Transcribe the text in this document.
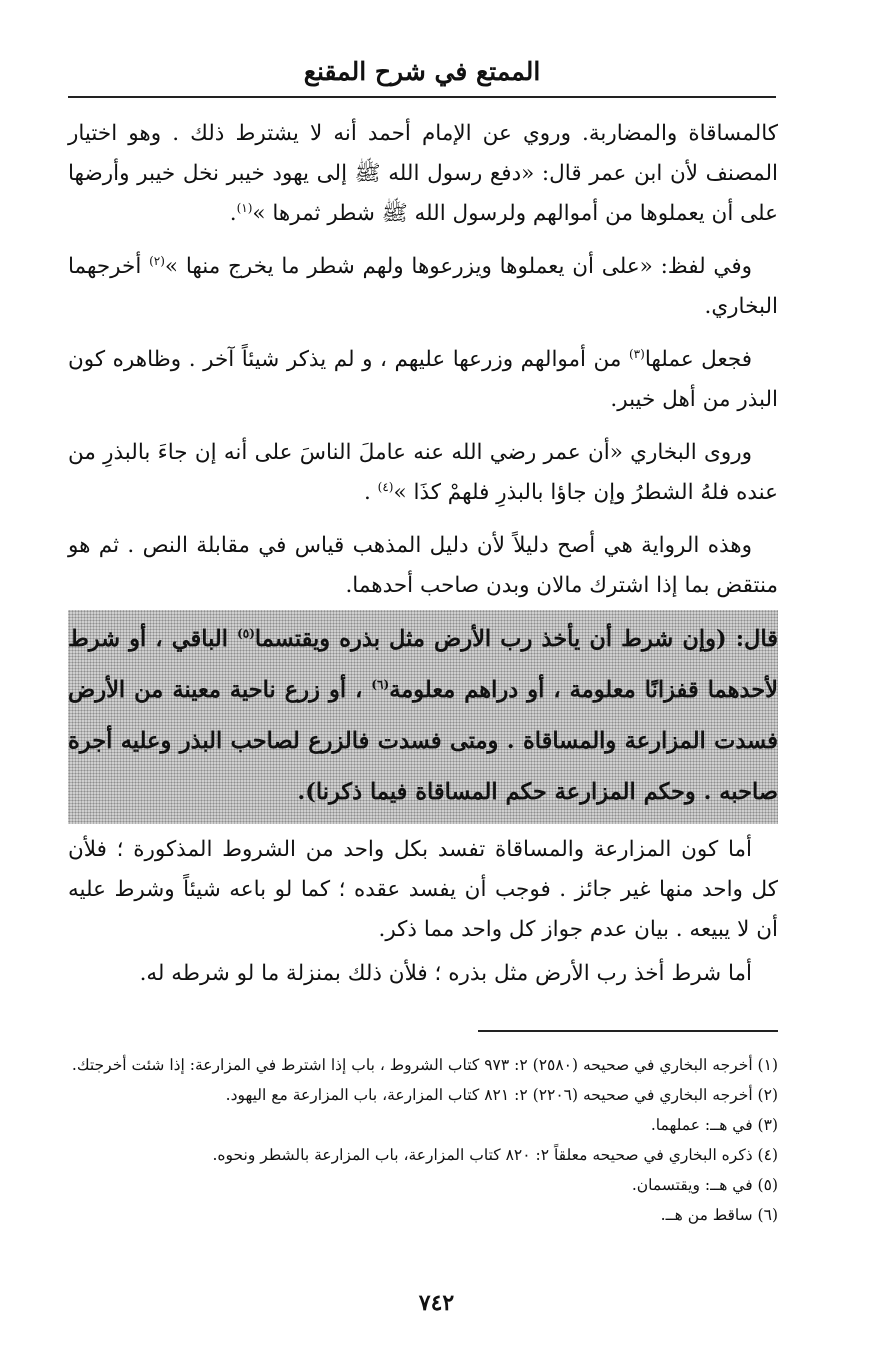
الممتع في شرح المقنع

كالمساقاة والمضاربة. وروي عن الإمام أحمد أنه لا يشترط ذلك . وهو اختيار المصنف لأن ابن عمر قال: «دفع رسول الله ﷺ إلى يهود خيبر نخل خيبر وأرضها على أن يعملوها من أموالهم ولرسول الله ﷺ شطر ثمرها »$^{(١)}$.

وفي لفظ: «على أن يعملوها ويزرعوها ولهم شطر ما يخرج منها »$^{(٢)}$ أخرجهما البخاري.

فجعل عملها$^{(٣)}$ من أموالهم وزرعها عليهم ، و لم يذكر شيئاً آخر . وظاهره كون البذر من أهل خيبر.

وروى البخاري «أن عمر رضي الله عنه عاملَ الناسَ على أنه إن جاءَ بالبذرِ من عنده فلهُ الشطرُ وإن جاؤا بالبذرِ فلهمْ كذَا »$^{(٤)}$ .

وهذه الرواية هي أصح دليلاً لأن دليل المذهب قياس في مقابلة النص . ثم هو منتقض بما إذا اشترك مالان وبدن صاحب أحدهما.

قال: (وإن شرط أن يأخذ رب الأرض مثل بذره ويقتسما$^{(٥)}$ الباقي ، أو شرط لأحدهما قفزانًا معلومة ، أو دراهم معلومة$^{(٦)}$ ، أو زرع ناحية معينة من الأرض فسدت المزارعة والمساقاة . ومتى فسدت فالزرع لصاحب البذر وعليه أجرة صاحبه . وحكم المزارعة حكم المساقاة فيما ذكرنا).

أما كون المزارعة والمساقاة تفسد بكل واحد من الشروط المذكورة ؛ فلأن كل واحد منها غير جائز . فوجب أن يفسد عقده ؛ كما لو باعه شيئاً وشرط عليه أن لا يبيعه . بيان عدم جواز كل واحد مما ذكر.

أما شرط أخذ رب الأرض مثل بذره ؛ فلأن ذلك بمنزلة ما لو شرطه له.

(١) أخرجه البخاري في صحيحه (٢٥٨٠) ٢: ٩٧٣ كتاب الشروط ، باب إذا اشترط في المزارعة: إذا شئت أخرجتك.

(٢) أخرجه البخاري في صحيحه (٢٢٠٦) ٢: ٨٢١ كتاب المزارعة، باب المزارعة مع اليهود.

(٣) في هــ: عملهما.

(٤) ذكره البخاري في صحيحه معلقاً ٢: ٨٢٠ كتاب المزارعة، باب المزارعة بالشطر ونحوه.

(٥) في هــ: ويقتسمان.

(٦) ساقط من هــ.

٧٤٢
